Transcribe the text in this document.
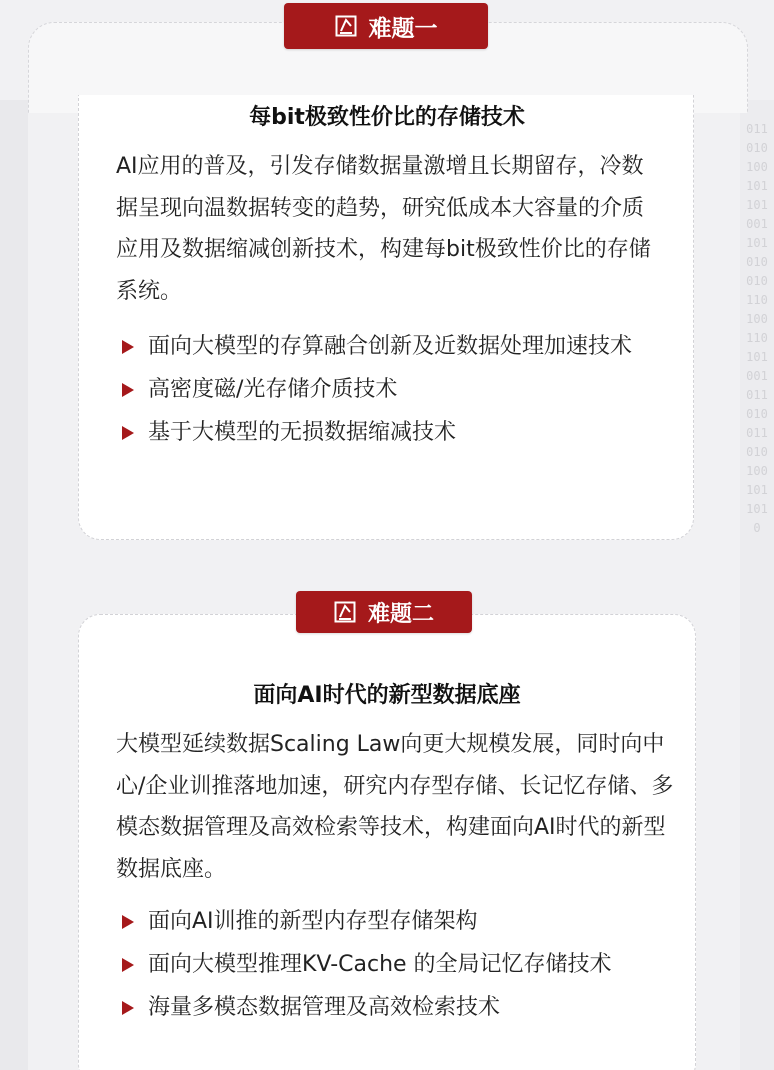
0110101001011010011010100101101001101010010110100110101001011010
难题一
每bit极致性价比的存储技术

AI应用的普及，引发存储数据量激增且长期留存，冷数据呈现向温数据转变的趋势，研究低成本大容量的介质应用及数据缩减创新技术，构建每bit极致性价比的存储系统。

面向大模型的存算融合创新及近数据处理加速技术
高密度磁/光存储介质技术
基于大模型的无损数据缩减技术
难题二
面向AI时代的新型数据底座

大模型延续数据Scaling Law向更大规模发展，同时向中心/企业训推落地加速，研究内存型存储、长记忆存储、多模态数据管理及高效检索等技术，构建面向AI时代的新型数据底座。

面向AI训推的新型内存型存储架构
面向大模型推理KV-Cache 的全局记忆存储技术
海量多模态数据管理及高效检索技术
